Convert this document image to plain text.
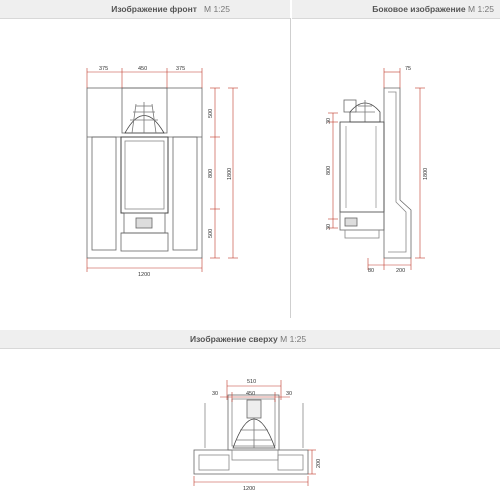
Изображение фронт M 1:25	Боковое изображение M 1:25
Изображение сверху M 1:25
375	450	375
1200
500
800
500
1800
75
30
800
30
1800
80	200
510
30	450	30
200
1200
